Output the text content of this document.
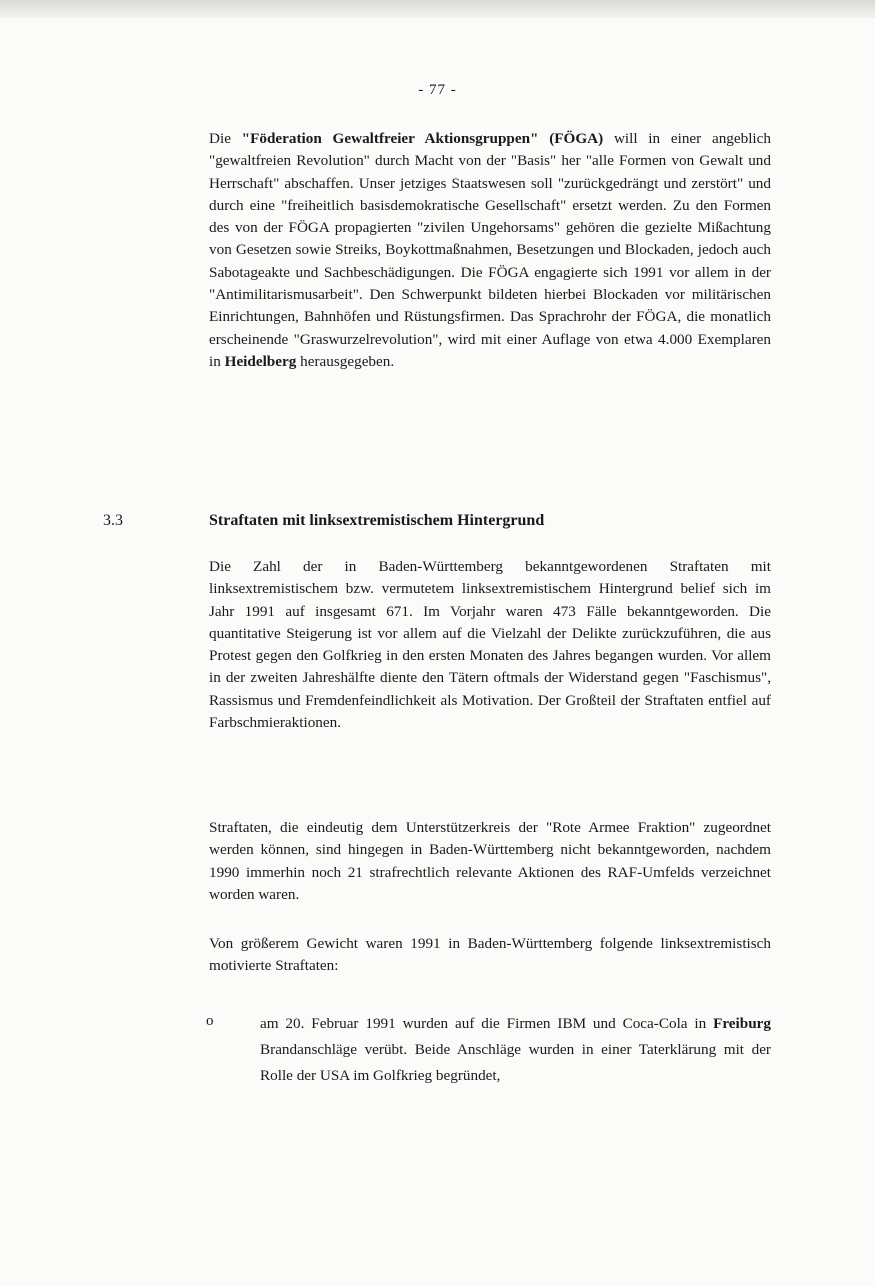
- 77 -

Die "Föderation Gewaltfreier Aktionsgruppen" (FÖGA) will in einer angeblich "gewaltfreien Revolution" durch Macht von der "Basis" her "alle Formen von Gewalt und Herrschaft" abschaffen. Unser jetziges Staatswesen soll "zurückgedrängt und zerstört" und durch eine "freiheitlich basisdemokratische Gesellschaft" ersetzt werden. Zu den Formen des von der FÖGA propagierten "zivilen Ungehorsams" gehören die gezielte Mißachtung von Gesetzen sowie Streiks, Boykottmaßnahmen, Besetzungen und Blockaden, jedoch auch Sabotageakte und Sachbeschädigungen. Die FÖGA engagierte sich 1991 vor allem in der "Antimilitarismusarbeit". Den Schwerpunkt bildeten hierbei Blockaden vor militärischen Einrichtungen, Bahnhöfen und Rüstungsfirmen. Das Sprachrohr der FÖGA, die monatlich erscheinende "Graswurzelrevolution", wird mit einer Auflage von etwa 4.000 Exemplaren in Heidelberg herausgegeben.

3.3	Straftaten mit linksextremistischem Hintergrund

Die Zahl der in Baden-Württemberg bekanntgewordenen Straftaten mit linksextremistischem bzw. vermutetem linksextremistischem Hintergrund belief sich im Jahr 1991 auf insgesamt 671. Im Vorjahr waren 473 Fälle bekanntgeworden. Die quantitative Steigerung ist vor allem auf die Vielzahl der Delikte zurückzuführen, die aus Protest gegen den Golfkrieg in den ersten Monaten des Jahres begangen wurden. Vor allem in der zweiten Jahreshälfte diente den Tätern oftmals der Widerstand gegen "Faschismus", Rassismus und Fremdenfeindlichkeit als Motivation. Der Großteil der Straftaten entfiel auf Farbschmieraktionen.

Straftaten, die eindeutig dem Unterstützerkreis der "Rote Armee Fraktion" zugeordnet werden können, sind hingegen in Baden-Württemberg nicht bekanntgeworden, nachdem 1990 immerhin noch 21 strafrechtlich relevante Aktionen des RAF-Umfelds verzeichnet worden waren.

Von größerem Gewicht waren 1991 in Baden-Württemberg folgende linksextremistisch motivierte Straftaten:

o	am 20. Februar 1991 wurden auf die Firmen IBM und Coca-Cola in Freiburg Brandanschläge verübt. Beide Anschläge wurden in einer Taterklärung mit der Rolle der USA im Golfkrieg begründet,
